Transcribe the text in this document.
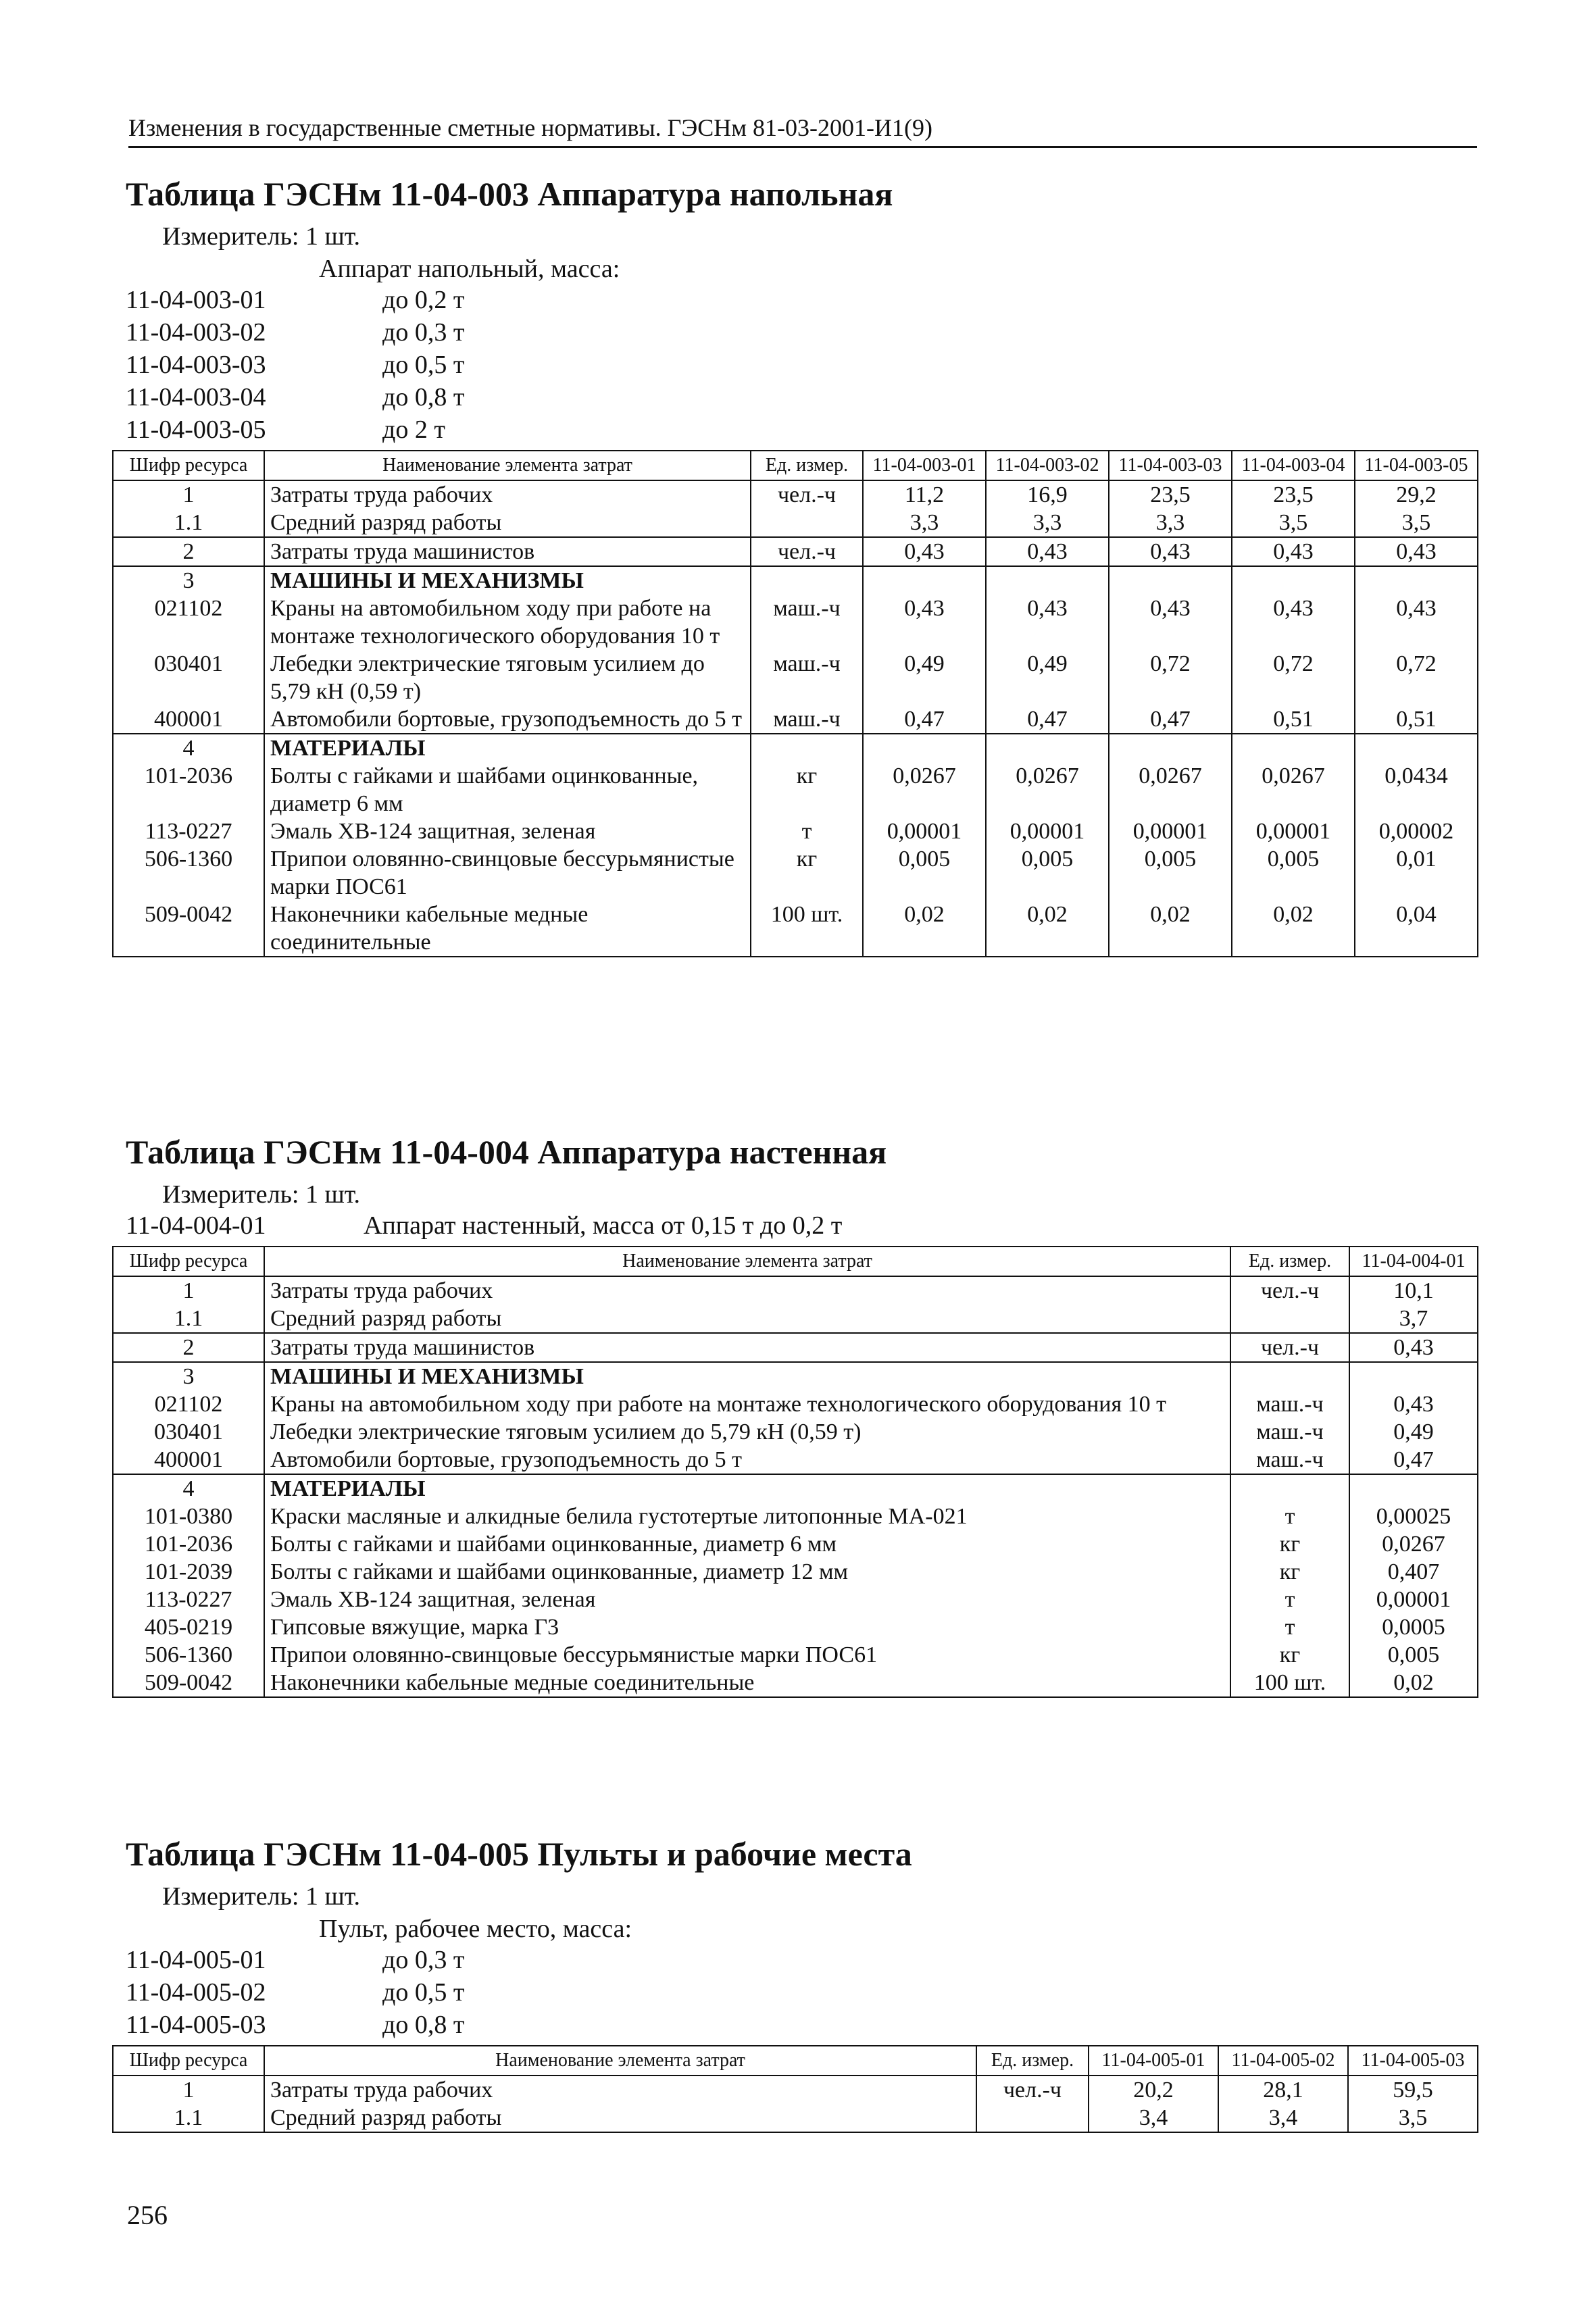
Изменения в государственные сметные нормативы. ГЭСНм 81-03-2001-И1(9)
Таблица ГЭСНм 11-04-003 Аппаратура напольная
Измеритель: 1 шт.
Аппарат напольный, масса:
11-04-003-01	до 0,2 т
11-04-003-02	до 0,3 т
11-04-003-03	до 0,5 т
11-04-003-04	до 0,8 т
11-04-003-05	до 2 т
Шифр ресурса	Наименование элемента затрат	Ед. измер.	11-04-003-01	11-04-003-02	11-04-003-03	11-04-003-04	11-04-003-05
1	Затраты труда рабочих	чел.-ч	11,2	16,9	23,5	23,5	29,2
1.1	Средний разряд работы		3,3	3,3	3,3	3,5	3,5
2	Затраты труда машинистов	чел.-ч	0,43	0,43	0,43	0,43	0,43
3	МАШИНЫ И МЕХАНИЗМЫ						
021102	Краны на автомобильном ходу при работе на монтаже технологического оборудования 10 т	маш.-ч	0,43	0,43	0,43	0,43	0,43
030401	Лебедки электрические тяговым усилием до 5,79 кН (0,59 т)	маш.-ч	0,49	0,49	0,72	0,72	0,72
400001	Автомобили бортовые, грузоподъемность до 5 т	маш.-ч	0,47	0,47	0,47	0,51	0,51
4	МАТЕРИАЛЫ						
101-2036	Болты с гайками и шайбами оцинкованные, диаметр 6 мм	кг	0,0267	0,0267	0,0267	0,0267	0,0434
113-0227	Эмаль ХВ-124 защитная, зеленая	т	0,00001	0,00001	0,00001	0,00001	0,00002
506-1360	Припои оловянно-свинцовые бессурьмянистые марки ПОС61	кг	0,005	0,005	0,005	0,005	0,01
509-0042	Наконечники кабельные медные соединительные	100 шт.	0,02	0,02	0,02	0,02	0,04
Таблица ГЭСНм 11-04-004 Аппаратура настенная
Измеритель: 1 шт.
11-04-004-01	Аппарат настенный, масса от 0,15 т до 0,2 т
Шифр ресурса	Наименование элемента затрат	Ед. измер.	11-04-004-01
1	Затраты труда рабочих	чел.-ч	10,1
1.1	Средний разряд работы		3,7
2	Затраты труда машинистов	чел.-ч	0,43
3	МАШИНЫ И МЕХАНИЗМЫ		
021102	Краны на автомобильном ходу при работе на монтаже технологического оборудования 10 т	маш.-ч	0,43
030401	Лебедки электрические тяговым усилием до 5,79 кН (0,59 т)	маш.-ч	0,49
400001	Автомобили бортовые, грузоподъемность до 5 т	маш.-ч	0,47
4	МАТЕРИАЛЫ		
101-0380	Краски масляные и алкидные белила густотертые литопонные МА-021	т	0,00025
101-2036	Болты с гайками и шайбами оцинкованные, диаметр 6 мм	кг	0,0267
101-2039	Болты с гайками и шайбами оцинкованные, диаметр 12 мм	кг	0,407
113-0227	Эмаль ХВ-124 защитная, зеленая	т	0,00001
405-0219	Гипсовые вяжущие, марка Г3	т	0,0005
506-1360	Припои оловянно-свинцовые бессурьмянистые марки ПОС61	кг	0,005
509-0042	Наконечники кабельные медные соединительные	100 шт.	0,02
Таблица ГЭСНм 11-04-005 Пульты и рабочие места
Измеритель: 1 шт.
Пульт, рабочее место, масса:
11-04-005-01	до 0,3 т
11-04-005-02	до 0,5 т
11-04-005-03	до 0,8 т
Шифр ресурса	Наименование элемента затрат	Ед. измер.	11-04-005-01	11-04-005-02	11-04-005-03
1	Затраты труда рабочих	чел.-ч	20,2	28,1	59,5
1.1	Средний разряд работы		3,4	3,4	3,5
256
